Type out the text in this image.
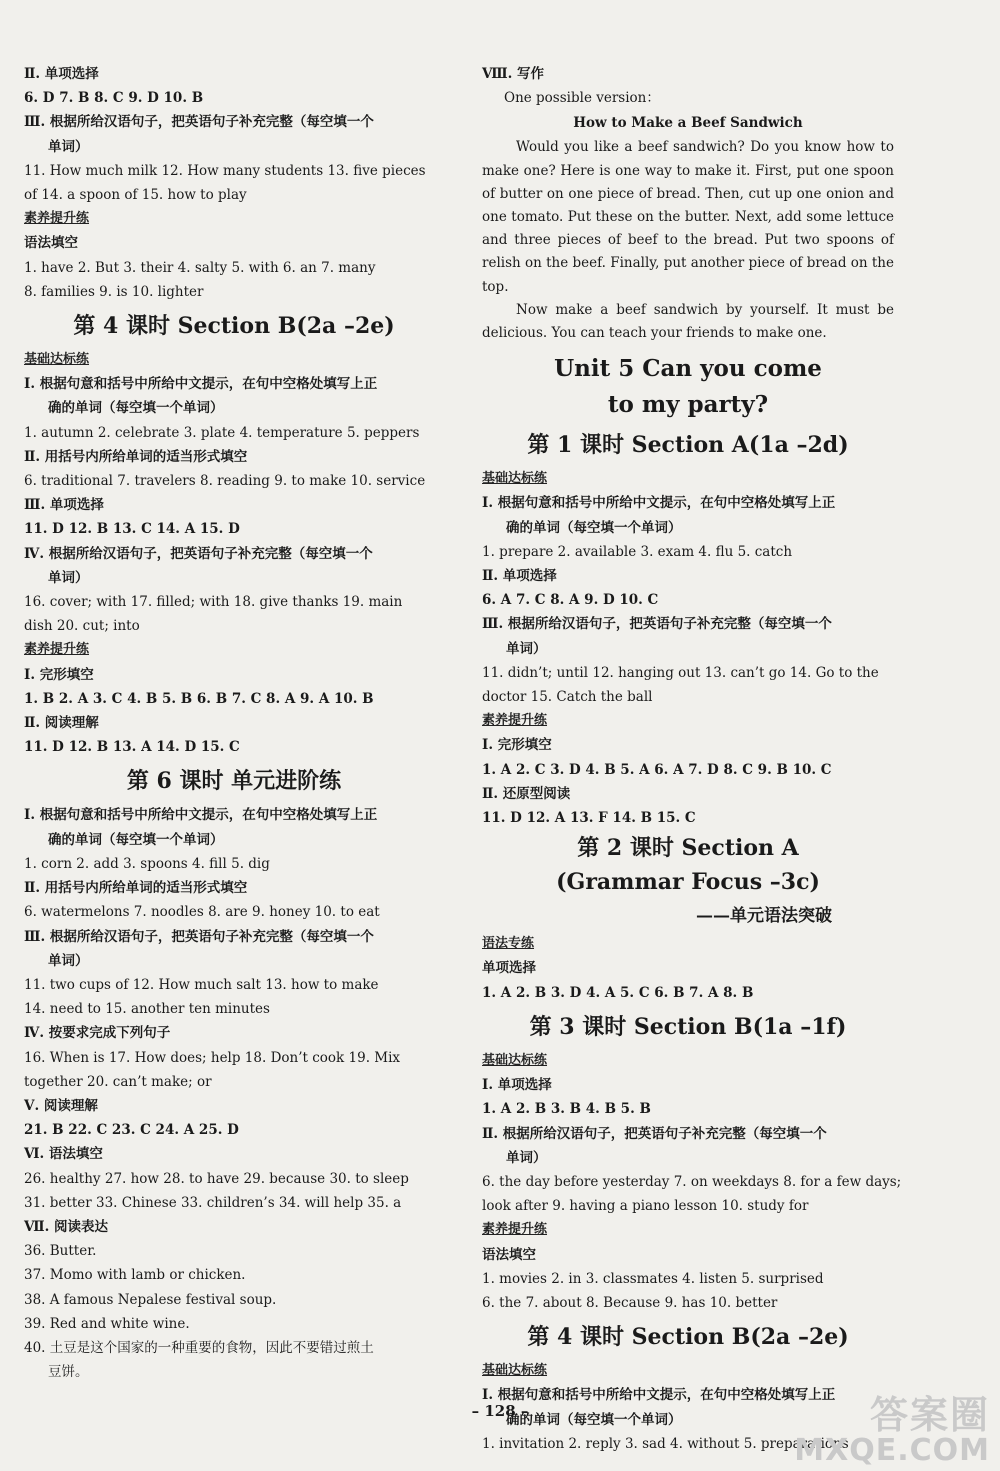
Ⅱ. 单项选择
6. D 7. B 8. C 9. D 10. B
Ⅲ. 根据所给汉语句子，把英语句子补充完整（每空填一个
单词）
11. How much milk 12. How many students 13. five pieces
of 14. a spoon of 15. how to play
素养提升练
语法填空
1. have 2. But 3. their 4. salty 5. with 6. an 7. many
8. families 9. is 10. lighter
第 4 课时 Section B(2a –2e)
基础达标练
Ⅰ. 根据句意和括号中所给中文提示，在句中空格处填写上正
确的单词（每空填一个单词）
1. autumn 2. celebrate 3. plate 4. temperature 5. peppers
Ⅱ. 用括号内所给单词的适当形式填空
6. traditional 7. travelers 8. reading 9. to make 10. service
Ⅲ. 单项选择
11. D 12. B 13. C 14. A 15. D
Ⅳ. 根据所给汉语句子，把英语句子补充完整（每空填一个
单词）
16. cover; with 17. filled; with 18. give thanks 19. main
dish 20. cut; into
素养提升练
Ⅰ. 完形填空
1. B 2. A 3. C 4. B 5. B 6. B 7. C 8. A 9. A 10. B
Ⅱ. 阅读理解
11. D 12. B 13. A 14. D 15. C
第 6 课时 单元进阶练
Ⅰ. 根据句意和括号中所给中文提示，在句中空格处填写上正
确的单词（每空填一个单词）
1. corn 2. add 3. spoons 4. fill 5. dig
Ⅱ. 用括号内所给单词的适当形式填空
6. watermelons 7. noodles 8. are 9. honey 10. to eat
Ⅲ. 根据所给汉语句子，把英语句子补充完整（每空填一个
单词）
11. two cups of 12. How much salt 13. how to make
14. need to 15. another ten minutes
Ⅳ. 按要求完成下列句子
16. When is 17. How does; help 18. Don’t cook 19. Mix
together 20. can’t make; or
Ⅴ. 阅读理解
21. B 22. C 23. C 24. A 25. D
Ⅵ. 语法填空
26. healthy 27. how 28. to have 29. because 30. to sleep
31. better 33. Chinese 33. children’s 34. will help 35. a
Ⅶ. 阅读表达
36. Butter.
37. Momo with lamb or chicken.
38. A famous Nepalese festival soup.
39. Red and white wine.
40. 土豆是这个国家的一种重要的食物，因此不要错过煎土
豆饼。
Ⅷ. 写作
One possible version：
How to Make a Beef Sandwich

Would you like a beef sandwich? Do you know how to make one? Here is one way to make it. First, put one spoon of butter on one piece of bread. Then, cut up one onion and one tomato. Put these on the butter. Next, add some lettuce and three pieces of beef to the bread. Put two spoons of relish on the beef. Finally, put another piece of bread on the top.

Now make a beef sandwich by yourself. It must be delicious. You can teach your friends to make one.

Unit 5 Can you come
to my party?
第 1 课时 Section A(1a –2d)
基础达标练
Ⅰ. 根据句意和括号中所给中文提示，在句中空格处填写上正
确的单词（每空填一个单词）
1. prepare 2. available 3. exam 4. flu 5. catch
Ⅱ. 单项选择
6. A 7. C 8. A 9. D 10. C
Ⅲ. 根据所给汉语句子，把英语句子补充完整（每空填一个
单词）
11. didn’t; until 12. hanging out 13. can’t go 14. Go to the
doctor 15. Catch the ball
素养提升练
Ⅰ. 完形填空
1. A 2. C 3. D 4. B 5. A 6. A 7. D 8. C 9. B 10. C
Ⅱ. 还原型阅读
11. D 12. A 13. F 14. B 15. C
第 2 课时 Section A
(Grammar Focus –3c)
——单元语法突破
语法专练
单项选择
1. A 2. B 3. D 4. A 5. C 6. B 7. A 8. B
第 3 课时 Section B(1a –1f)
基础达标练
Ⅰ. 单项选择
1. A 2. B 3. B 4. B 5. B
Ⅱ. 根据所给汉语句子，把英语句子补充完整（每空填一个
单词）
6. the day before yesterday 7. on weekdays 8. for a few days;
look after 9. having a piano lesson 10. study for
素养提升练
语法填空
1. movies 2. in 3. classmates 4. listen 5. surprised
6. the 7. about 8. Because 9. has 10. better
第 4 课时 Section B(2a –2e)
基础达标练
Ⅰ. 根据句意和括号中所给中文提示，在句中空格处填写上正
确的单词（每空填一个单词）
1. invitation 2. reply 3. sad 4. without 5. preparations
– 128 –	答案圈
MXQE.COM
